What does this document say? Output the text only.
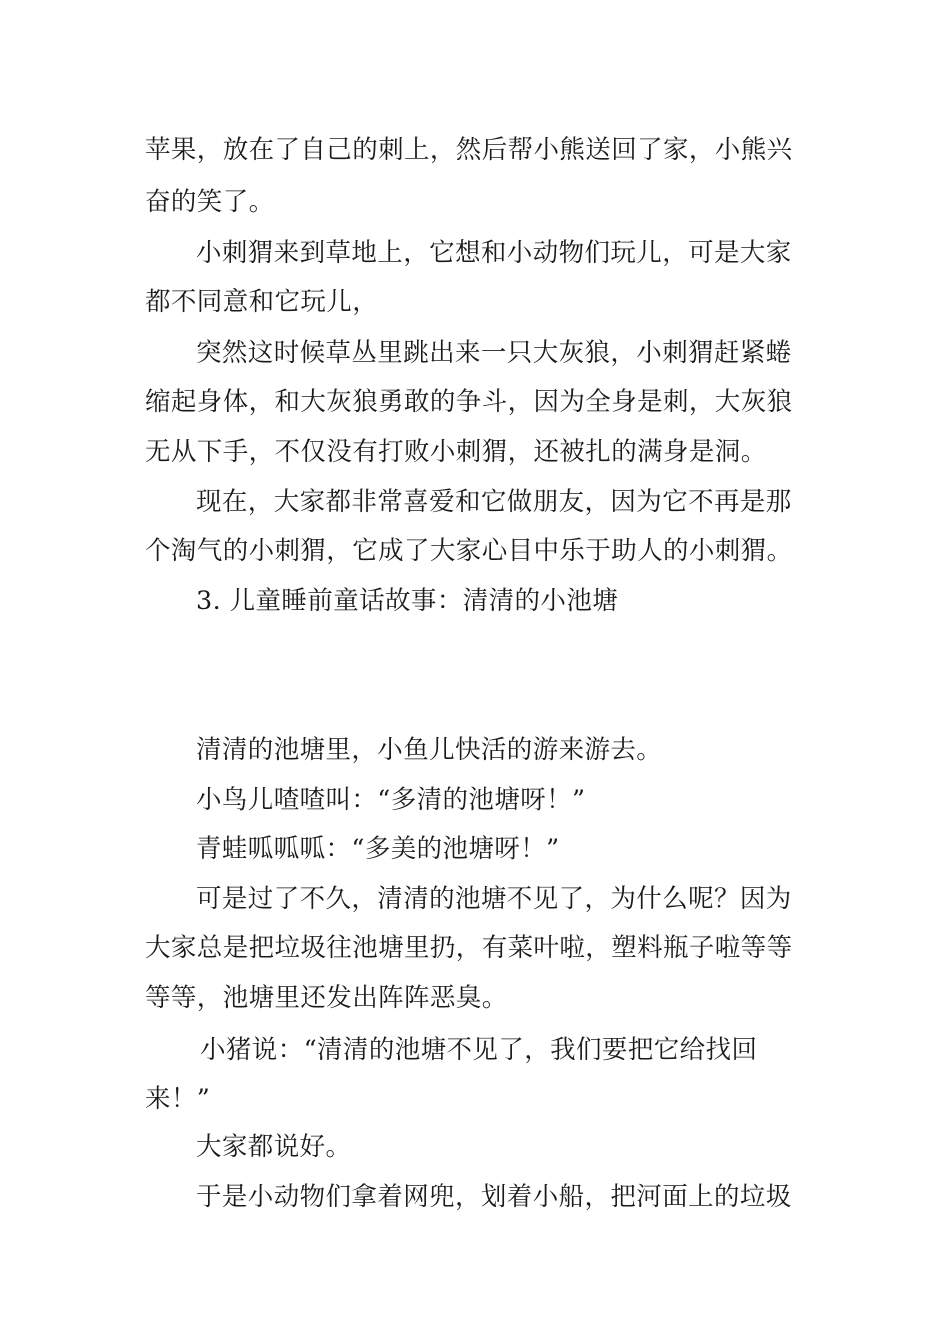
苹果，放在了自己的刺上，然后帮小熊送回了家，小熊兴
奋的笑了。
小刺猬来到草地上，它想和小动物们玩儿，可是大家
都不同意和它玩儿，
突然这时候草丛里跳出来一只大灰狼，小刺猬赶紧蜷
缩起身体，和大灰狼勇敢的争斗，因为全身是刺，大灰狼
无从下手，不仅没有打败小刺猬，还被扎的满身是洞。
现在，大家都非常喜爱和它做朋友，因为它不再是那
个淘气的小刺猬，它成了大家心目中乐于助人的小刺猬。
3. 儿童睡前童话故事：清清的小池塘
清清的池塘里，小鱼儿快活的游来游去。
小鸟儿喳喳叫：“多清的池塘呀！”
青蛙呱呱呱：“多美的池塘呀！”
可是过了不久，清清的池塘不见了，为什么呢？因为
大家总是把垃圾往池塘里扔，有菜叶啦，塑料瓶子啦等等
等等，池塘里还发出阵阵恶臭。
小猪说：“清清的池塘不见了，我们要把它给找回
来！”
大家都说好。
于是小动物们拿着网兜，划着小船，把河面上的垃圾
